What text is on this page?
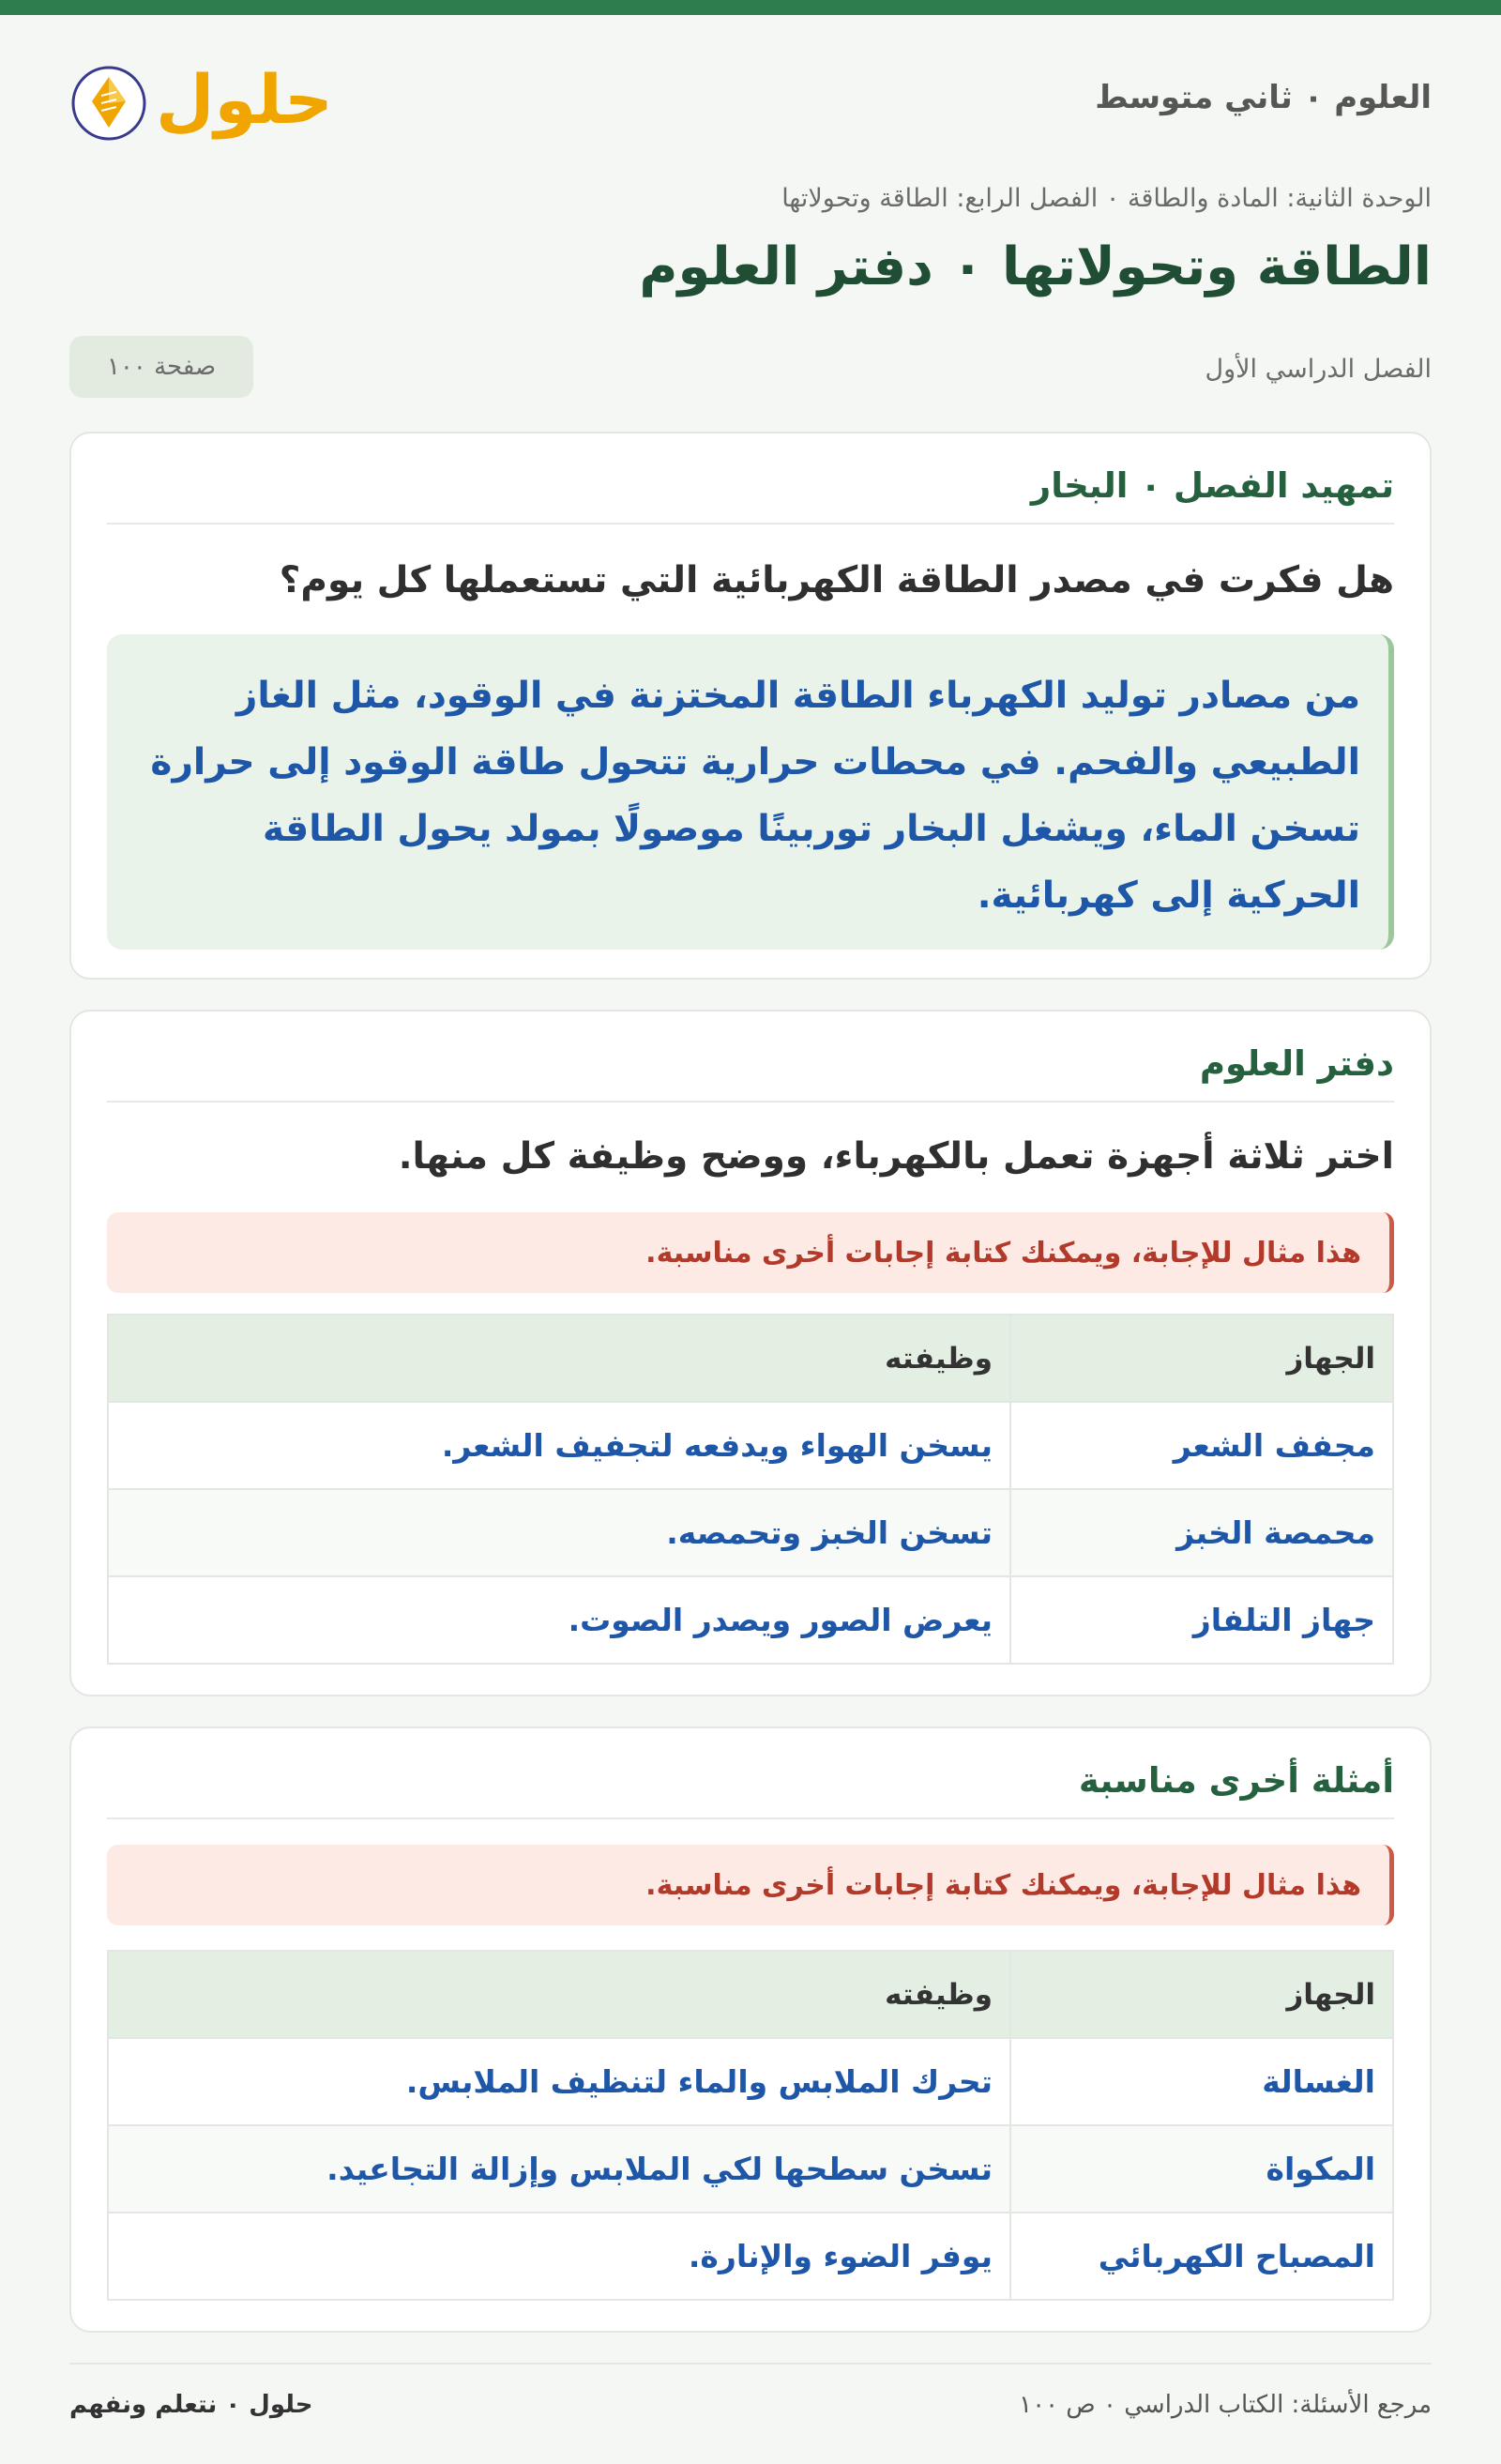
العلوم ٠ ثاني متوسط
حلول
الوحدة الثانية: المادة والطاقة ٠ الفصل الرابع: الطاقة وتحولاتها
الطاقة وتحولاتها ٠ دفتر العلوم
الفصل الدراسي الأول
صفحة ١٠٠
تمهيد الفصل ٠ البخار
هل فكرت في مصدر الطاقة الكهربائية التي تستعملها كل يوم؟
من مصادر توليد الكهرباء الطاقة المختزنة في الوقود، مثل الغاز الطبيعي والفحم. في محطات حرارية تتحول طاقة الوقود إلى حرارة تسخن الماء، ويشغل البخار توربينًا موصولًا بمولد يحول الطاقة الحركية إلى كهربائية.
دفتر العلوم
اختر ثلاثة أجهزة تعمل بالكهرباء، ووضح وظيفة كل منها.
هذا مثال للإجابة، ويمكنك كتابة إجابات أخرى مناسبة.
الجهاز	وظيفته
مجفف الشعر	يسخن الهواء ويدفعه لتجفيف الشعر.
محمصة الخبز	تسخن الخبز وتحمصه.
جهاز التلفاز	يعرض الصور ويصدر الصوت.
أمثلة أخرى مناسبة
هذا مثال للإجابة، ويمكنك كتابة إجابات أخرى مناسبة.
الجهاز	وظيفته
الغسالة	تحرك الملابس والماء لتنظيف الملابس.
المكواة	تسخن سطحها لكي الملابس وإزالة التجاعيد.
المصباح الكهربائي	يوفر الضوء والإنارة.
مرجع الأسئلة: الكتاب الدراسي ٠ ص ١٠٠
حلول ٠ نتعلم ونفهم
